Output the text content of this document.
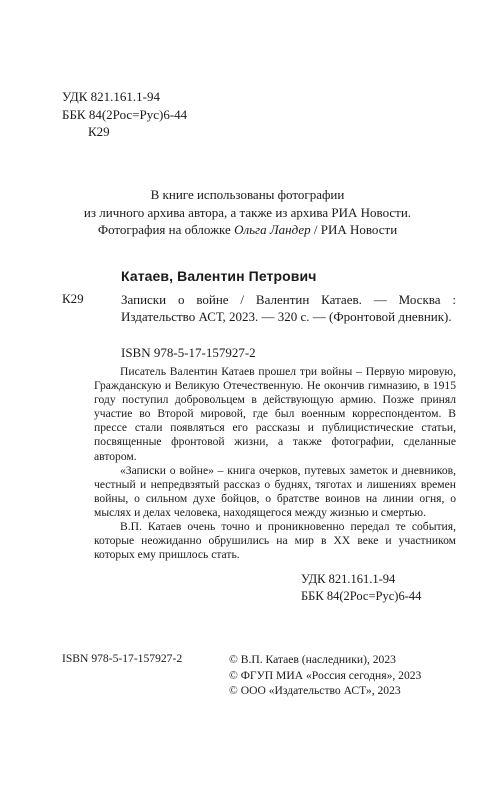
УДК 821.161.1-94
ББК 84(2Рос=Рус)6-44
К29
В книге использованы фотографии
из личного архива автора, а также из архива РИА Новости.
Фотография на обложке Ольга Ландер / РИА Новости
Катаев, Валентин Петрович
К29	Записки о войне / Валентин Катаев. — Москва : Издательство АСТ, 2023. — 320 с. — (Фронтовой дневник).
ISBN 978-5-17-157927-2

Писатель Валентин Катаев прошел три войны – Первую мировую, Гражданскую и Великую Отечественную. Не окончив гимназию, в 1915 году поступил добровольцем в действующую армию. Позже принял участие во Второй мировой, где был военным корреспондентом. В прессе стали появляться его рассказы и публицистические статьи, посвященные фронтовой жизни, а также фотографии, сделанные автором.

«Записки о войне» – книга очерков, путевых заметок и дневников, честный и непредвзятый рассказ о буднях, тяготах и лишениях времен войны, о сильном духе бойцов, о братстве воинов на линии огня, о мыслях и делах человека, находящегося между жизнью и смертью.

В.П. Катаев очень точно и проникновенно передал те события, которые неожиданно обрушились на мир в XX веке и участником которых ему пришлось стать.

УДК 821.161.1-94
ББК 84(2Рос=Рус)6-44
ISBN 978-5-17-157927-2	© В.П. Катаев (наследники), 2023
© ФГУП МИА «Россия сегодня», 2023
© ООО «Издательство АСТ», 2023
